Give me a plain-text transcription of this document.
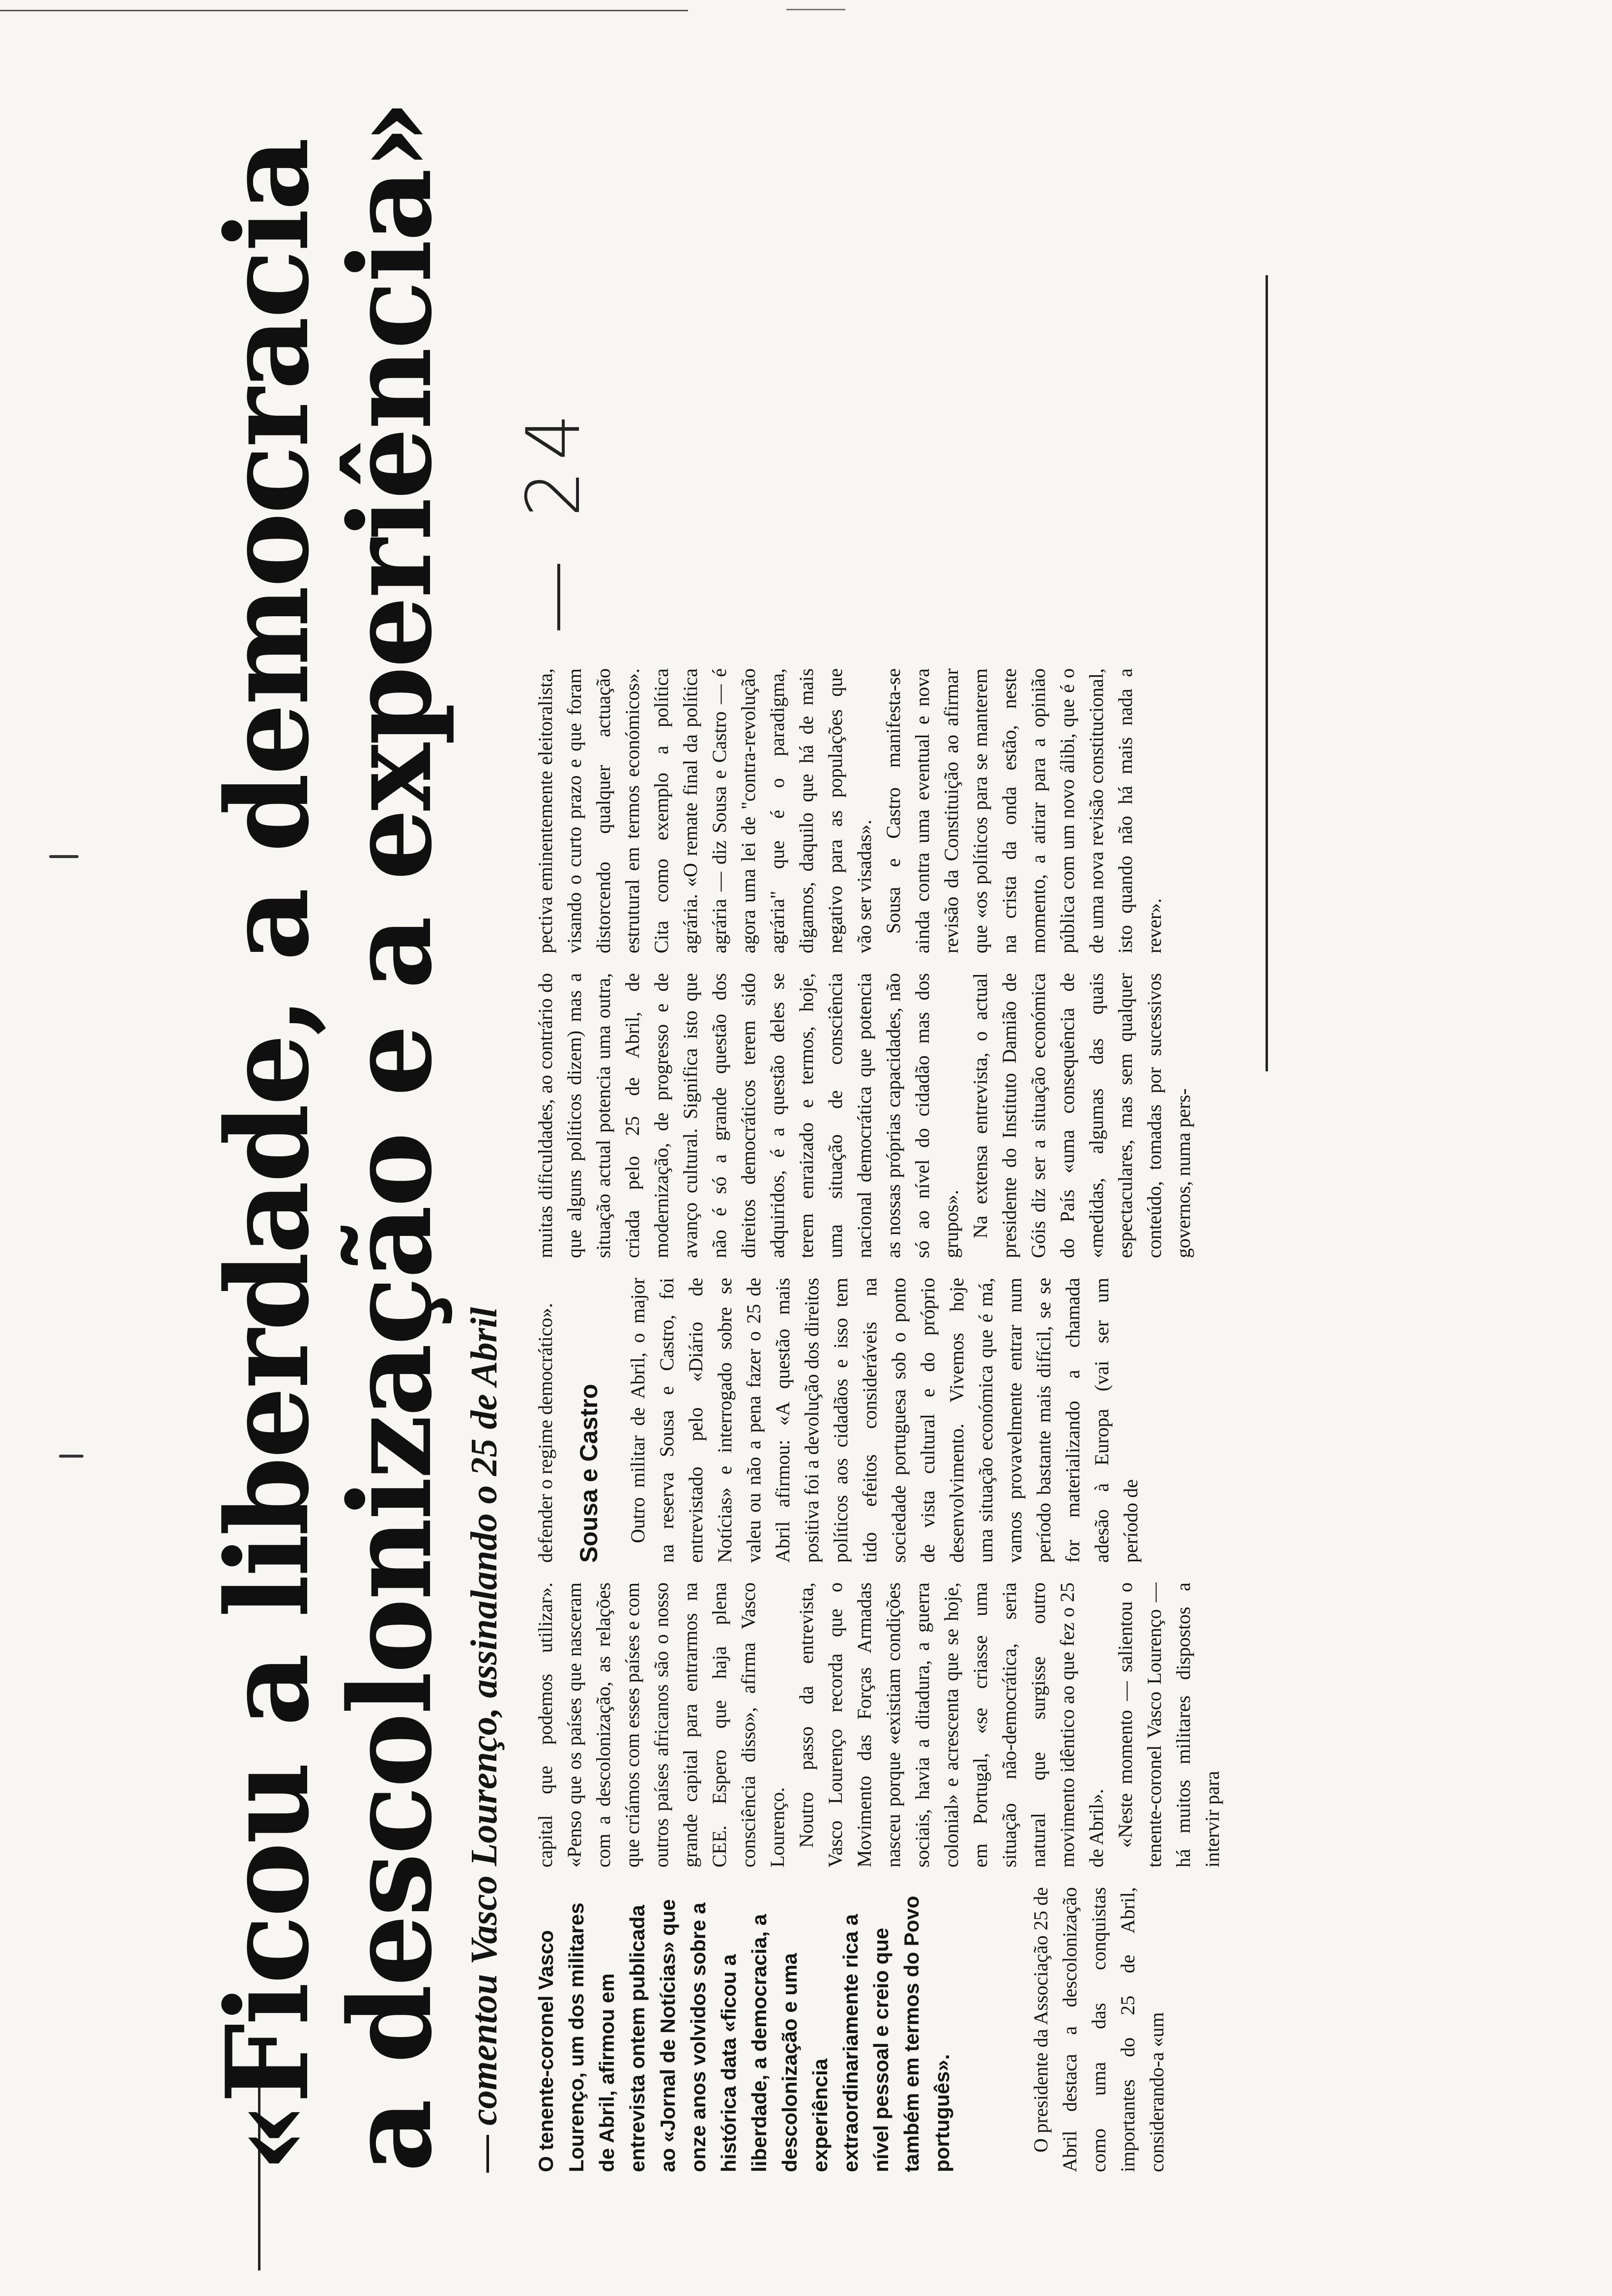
— 24
«Ficou a liberdade, a democracia
a descolonização e a experiência» — comentou Vasco Lourenço, assinalando o 25 de Abril O tenente-coronel Vasco Lourenço, um dos militares de Abril, afirmou em entrevista ontem publicada ao «Jornal de Notícias» que onze anos volvidos sobre a histórica data «ficou a liberdade, a democracia, a descolonização e uma experiência extraordinariamente rica a nível pessoal e creio que também em termos do Povo português».	O presidente da Associação 25 de Abril destaca a descolonização como uma das conquistas importantes do 25 de Abril, considerando-a «um

capital que podemos utilizar». «Penso que os países que nasceram com a descolonização, as relações que criámos com esses países e com outros países africanos são o nosso grande capital para entrarmos na CEE. Espero que haja plena consciência disso», afirma Vasco Lourenço. Noutro passo da entrevista, Vasco Lourenço recorda que o Movimento das Forças Armadas nasceu porque «existiam condições sociais, havia a ditadura, a guerra colonial» e acrescenta que se hoje, em Portugal, «se criasse uma situação não-democrática, seria natural que surgisse outro movimento idêntico ao que fez o 25 de Abril». «Neste momento — salientou o tenente-coronel Vasco Lourenço — há muitos militares dispostos a intervir para

defender o regime democrático». Sousa e Castro Outro militar de Abril, o major na reserva Sousa e Castro, foi entrevistado pelo «Diário de Notícias» e interrogado sobre se valeu ou não a pena fazer o 25 de Abril afirmou: «A questão mais positiva foi a devolução dos direitos políticos aos cidadãos e isso tem tido efeitos consideráveis na sociedade portuguesa sob o ponto de vista cultural e do próprio desenvolvimento. Vivemos hoje uma situação económica que é má, vamos provavelmente entrar num período bastante mais difícil, se se for materializando a chamada adesão à Europa (vai ser um período de

muitas dificuldades, ao contrário do que alguns políticos dizem) mas a situação actual potencia uma outra, criada pelo 25 de Abril, de modernização, de progresso e de avanço cultural. Significa isto que não é só a grande questão dos direitos democráticos terem sido adquiridos, é a questão deles se terem enraizado e termos, hoje, uma situação de consciência nacional democrática que potencia as nossas próprias capacidades, não só ao nível do cidadão mas dos grupos». Na extensa entrevista, o actual presidente do Instituto Damião de Góis diz ser a situação económica do País «uma consequência de «medidas, algumas das quais espectaculares, mas sem qualquer conteúdo, tomadas por sucessivos governos, numa pers-

pectiva eminentemente eleitoralista, visando o curto prazo e que foram distorcendo qualquer actuação estrutural em termos económicos». Cita como exemplo a política agrária. «O remate final da política agrária — diz Sousa e Castro — é agora uma lei de "contra-revolução agrária" que é o paradigma, digamos, daquilo que há de mais negativo para as populações que vão ser visadas». Sousa e Castro manifesta-se ainda contra uma eventual e nova revisão da Constituição ao afirmar que «os políticos para se manterem na crista da onda estão, neste momento, a atirar para a opinião pública com um novo álibi, que é o de uma nova revisão constitucional, isto quando não há mais nada a rever».
